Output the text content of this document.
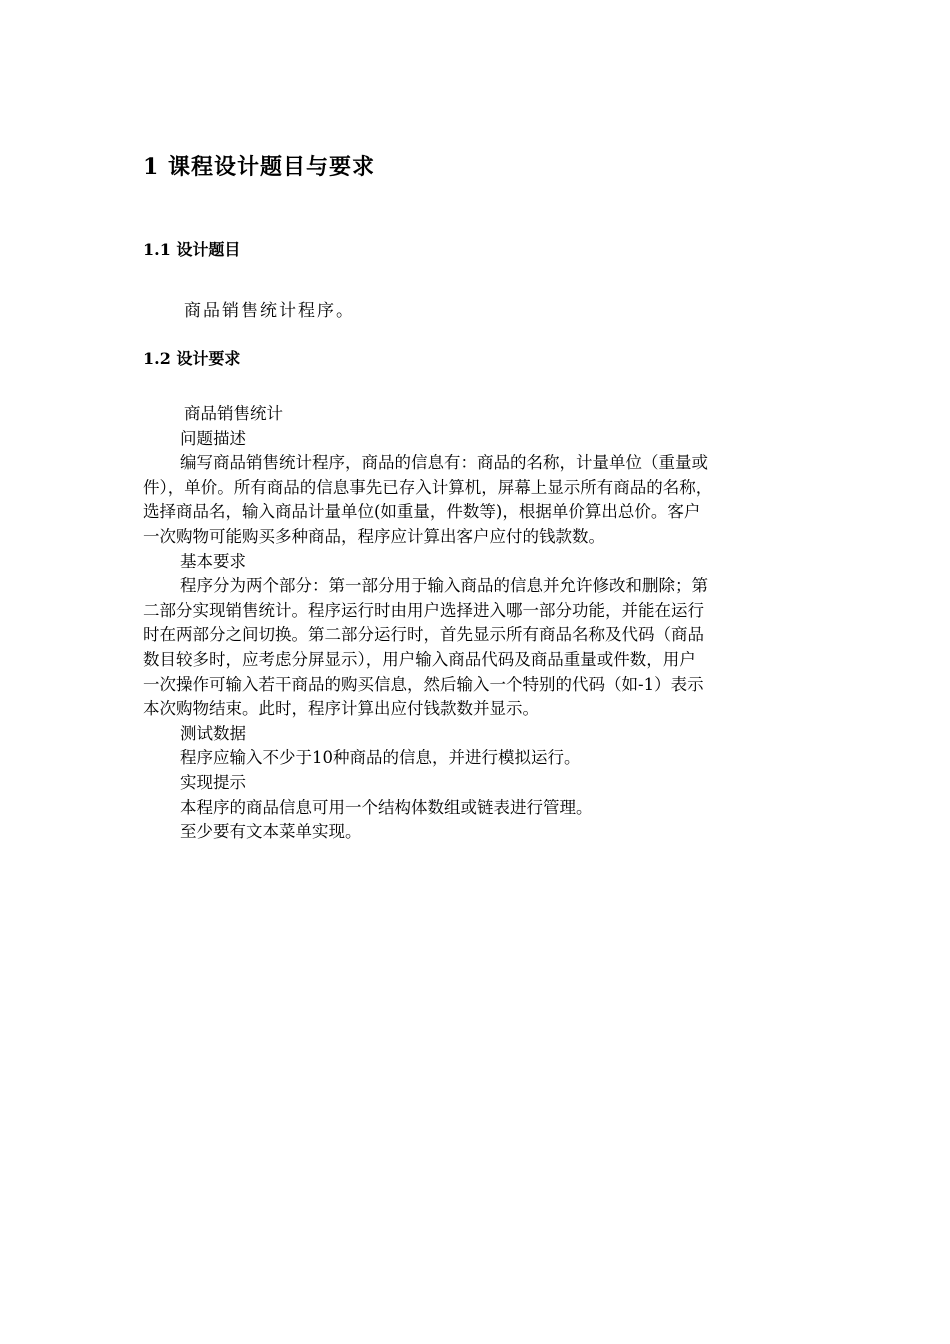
1 课程设计题目与要求
1.1 设计题目
商品销售统计程序。
1.2 设计要求
商品销售统计
问题描述
编写商品销售统计程序，商品的信息有：商品的名称，计量单位（重量或
件），单价。所有商品的信息事先已存入计算机，屏幕上显示所有商品的名称，
选择商品名，输入商品计量单位(如重量，件数等)，根据单价算出总价。客户
一次购物可能购买多种商品，程序应计算出客户应付的钱款数。
基本要求
程序分为两个部分：第一部分用于输入商品的信息并允许修改和删除；第
二部分实现销售统计。程序运行时由用户选择进入哪一部分功能，并能在运行
时在两部分之间切换。第二部分运行时，首先显示所有商品名称及代码（商品
数目较多时，应考虑分屏显示），用户输入商品代码及商品重量或件数，用户
一次操作可输入若干商品的购买信息，然后输入一个特别的代码（如-1）表示
本次购物结束。此时，程序计算出应付钱款数并显示。
测试数据
程序应输入不少于10种商品的信息，并进行模拟运行。
实现提示
本程序的商品信息可用一个结构体数组或链表进行管理。
至少要有文本菜单实现。
